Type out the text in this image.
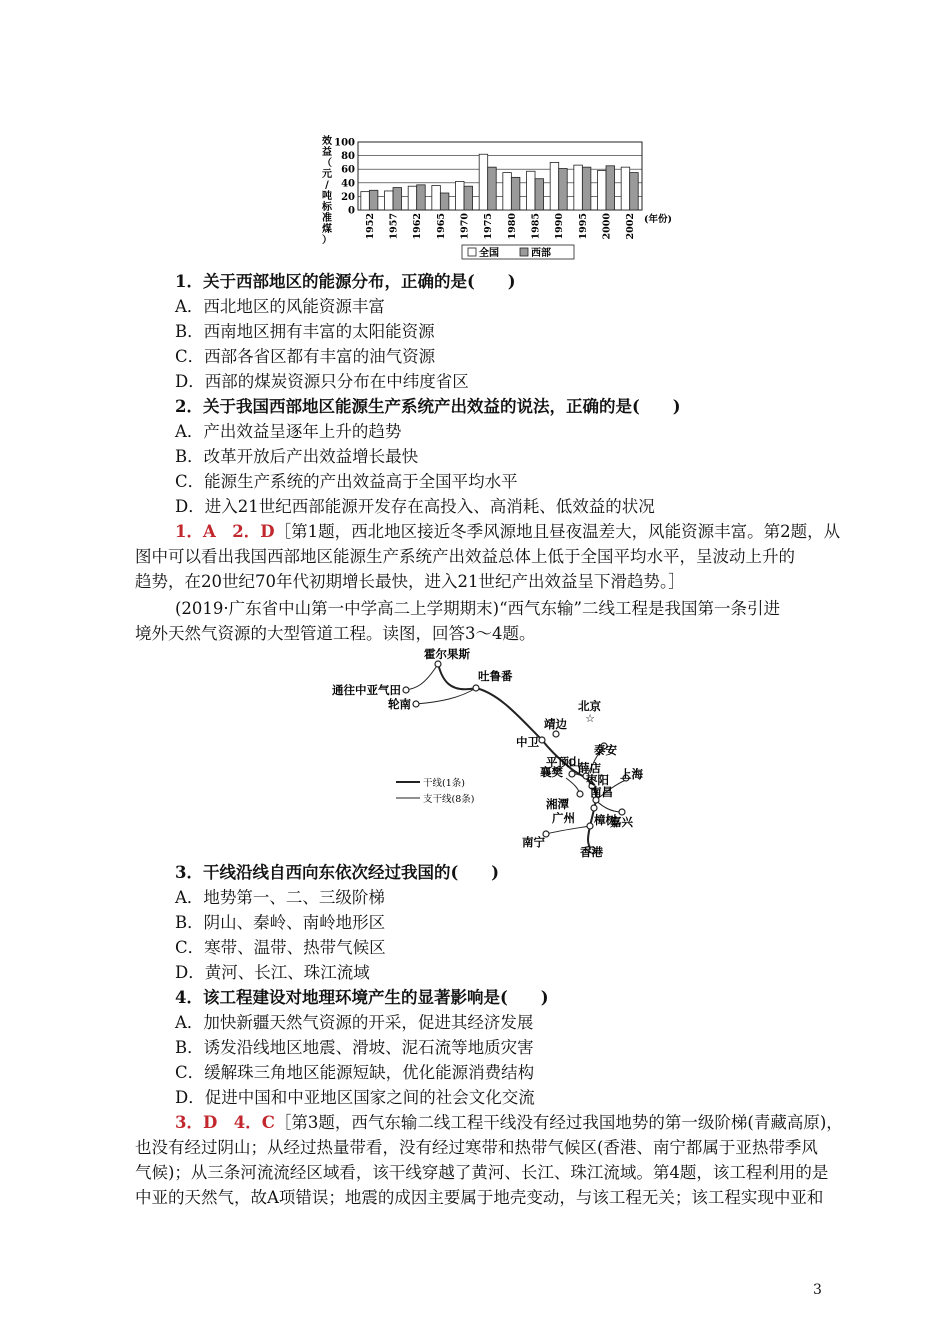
效
益
（
元
/
吨
标
准
煤
）
0
20
40
60
80
100
1952 1957 1962 1965 1970 1975 1980 1985 1990 1995 2000 2002 (年份)
全国	西部
1．关于西部地区的能源分布，正确的是(　　)
A．西北地区的风能资源丰富
B．西南地区拥有丰富的太阳能资源
C．西部各省区都有丰富的油气资源
D．西部的煤炭资源只分布在中纬度省区
2．关于我国西部地区能源生产系统产出效益的说法，正确的是(　　)
A．产出效益呈逐年上升的趋势
B．改革开放后产出效益增长最快
C．能源生产系统的产出效益高于全国平均水平
D．进入21世纪西部能源开发存在高投入、高消耗、低效益的状况
1．A　2．D［第1题，西北地区接近冬季风源地且昼夜温差大，风能资源丰富。第2题，从
图中可以看出我国西部地区能源生产系统产出效益总体上低于全国平均水平，呈波动上升的
趋势，在20世纪70年代初期增长最快，进入21世纪产出效益呈下滑趋势。］
(2019·广东省中山第一中学高二上学期期末)“西气东输”二线工程是我国第一条引进
境外天然气资源的大型管道工程。读图，回答3～4题。
☆
霍尔果斯
通往中亚气田
吐鲁番
轮南	北京
靖边
中卫
平顶山
泰安
薛店
枣阳
襄樊	上海
南昌
嘉兴
湘潭
广州 樟树
南宁
香港
干线(1条)
支干线(8条)
3．干线沿线自西向东依次经过我国的(　　)
A．地势第一、二、三级阶梯
B．阴山、秦岭、南岭地形区
C．寒带、温带、热带气候区
D．黄河、长江、珠江流域
4．该工程建设对地理环境产生的显著影响是(　　)
A．加快新疆天然气资源的开采，促进其经济发展
B．诱发沿线地区地震、滑坡、泥石流等地质灾害
C．缓解珠三角地区能源短缺，优化能源消费结构
D．促进中国和中亚地区国家之间的社会文化交流
3．D　4．C［第3题，西气东输二线工程干线没有经过我国地势的第一级阶梯(青藏高原)，
也没有经过阴山；从经过热量带看，没有经过寒带和热带气候区(香港、南宁都属于亚热带季风
气候)；从三条河流流经区域看，该干线穿越了黄河、长江、珠江流域。第4题，该工程利用的是
中亚的天然气，故A项错误；地震的成因主要属于地壳变动，与该工程无关；该工程实现中亚和
3
